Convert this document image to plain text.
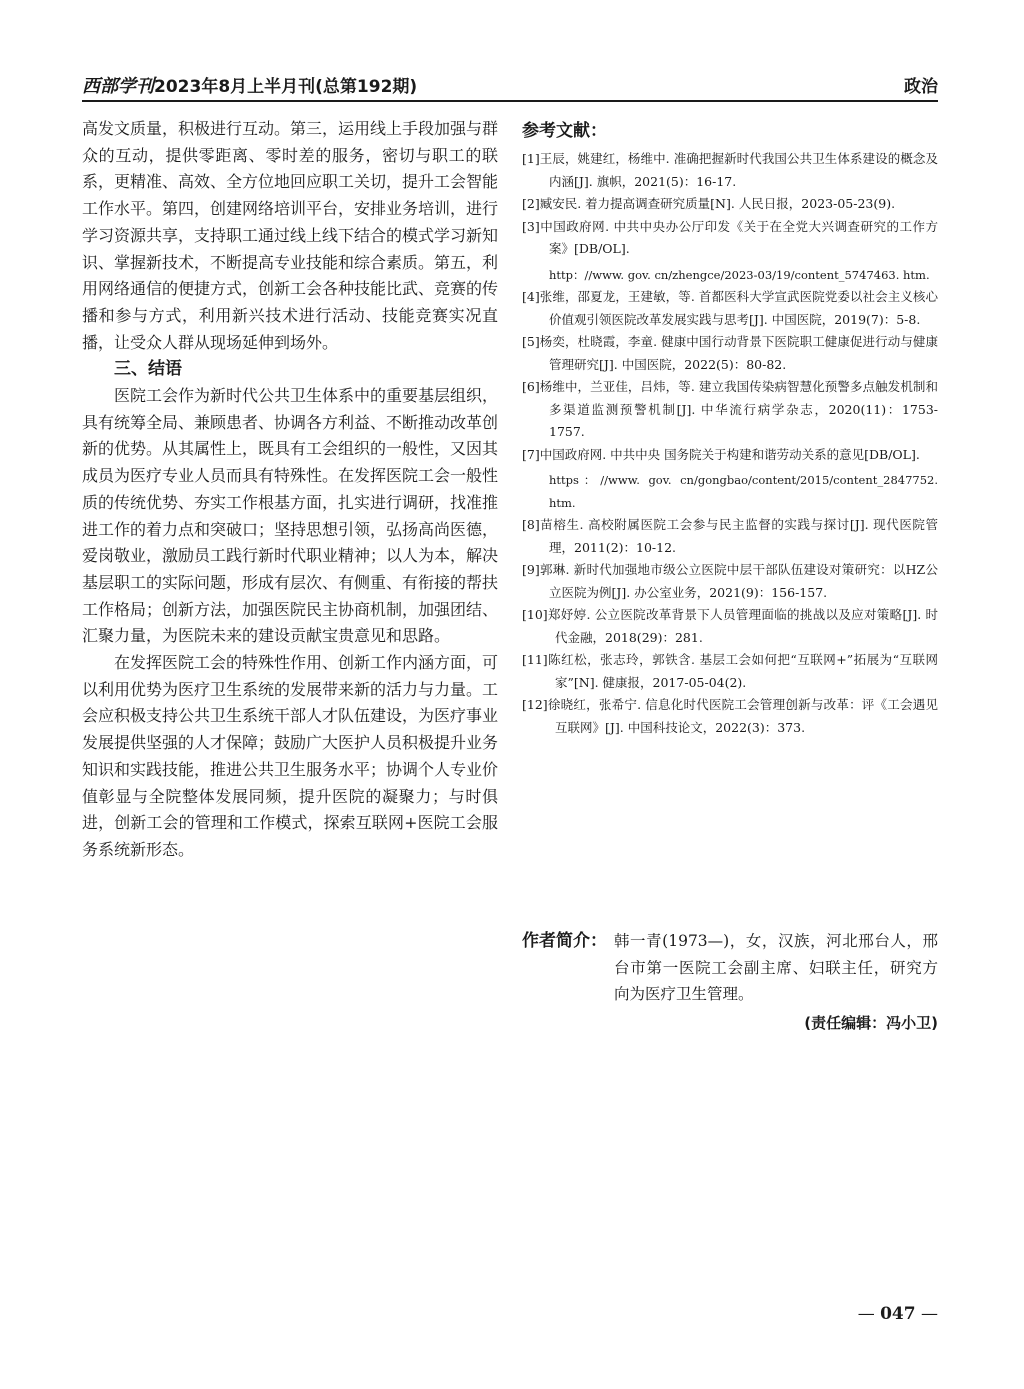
西部学刊2023年8月上半月刊(总第192期)	政治

高发文质量，积极进行互动。第三，运用线上手段加强与群众的互动，提供零距离、零时差的服务，密切与职工的联系，更精准、高效、全方位地回应职工关切，提升工会智能工作水平。第四，创建网络培训平台，安排业务培训，进行学习资源共享，支持职工通过线上线下结合的模式学习新知识、掌握新技术，不断提高专业技能和综合素质。第五，利用网络通信的便捷方式，创新工会各种技能比武、竞赛的传播和参与方式，利用新兴技术进行活动、技能竞赛实况直播，让受众人群从现场延伸到场外。

三、结语

医院工会作为新时代公共卫生体系中的重要基层组织，具有统筹全局、兼顾患者、协调各方利益、不断推动改革创新的优势。从其属性上，既具有工会组织的一般性，又因其成员为医疗专业人员而具有特殊性。在发挥医院工会一般性质的传统优势、夯实工作根基方面，扎实进行调研，找准推进工作的着力点和突破口；坚持思想引领，弘扬高尚医德，爱岗敬业，激励员工践行新时代职业精神；以人为本，解决基层职工的实际问题，形成有层次、有侧重、有衔接的帮扶工作格局；创新方法，加强医院民主协商机制，加强团结、汇聚力量，为医院未来的建设贡献宝贵意见和思路。

在发挥医院工会的特殊性作用、创新工作内涵方面，可以利用优势为医疗卫生系统的发展带来新的活力与力量。工会应积极支持公共卫生系统干部人才队伍建设，为医疗事业发展提供坚强的人才保障；鼓励广大医护人员积极提升业务知识和实践技能，推进公共卫生服务水平；协调个人专业价值彰显与全院整体发展同频，提升医院的凝聚力；与时俱进，创新工会的管理和工作模式，探索互联网+医院工会服务系统新形态。

参考文献：
[1]王辰，姚建红，杨维中. 准确把握新时代我国公共卫生体系建设的概念及内涵[J]. 旗帜，2021(5)：16-17.
[2]臧安民. 着力提高调查研究质量[N]. 人民日报，2023-05-23(9).
[3]中国政府网. 中共中央办公厅印发《关于在全党大兴调查研究的工作方案》[DB/OL].
http：//www. gov. cn/zhengce/2023-03/19/content_5747463. htm.
[4]张维，邵夏龙，王建敏，等. 首都医科大学宣武医院党委以社会主义核心价值观引领医院改革发展实践与思考[J]. 中国医院，2019(7)：5-8.
[5]杨奕，杜晓霞，李童. 健康中国行动背景下医院职工健康促进行动与健康管理研究[J]. 中国医院，2022(5)：80-82.
[6]杨维中，兰亚佳，吕炜，等. 建立我国传染病智慧化预警多点触发机制和多渠道监测预警机制[J]. 中华流行病学杂志，2020(11)：1753-1757.
[7]中国政府网. 中共中央 国务院关于构建和谐劳动关系的意见[DB/OL].
https：//www. gov. cn/gongbao/content/2015/content_2847752. htm.
[8]苗榕生. 高校附属医院工会参与民主监督的实践与探讨[J]. 现代医院管理，2011(2)：10-12.
[9]郭琳. 新时代加强地市级公立医院中层干部队伍建设对策研究：以HZ公立医院为例[J]. 办公室业务，2021(9)：156-157.
[10]郑妤婷. 公立医院改革背景下人员管理面临的挑战以及应对策略[J]. 时代金融，2018(29)：281.
[11]陈红松，张志玲，郭铁含. 基层工会如何把“互联网+”拓展为“互联网家”[N]. 健康报，2017-05-04(2).
[12]徐晓红，张希宁. 信息化时代医院工会管理创新与改革：评《工会遇见互联网》[J]. 中国科技论文，2022(3)：373.
作者简介： 韩一青(1973—)，女，汉族，河北邢台人，邢台市第一医院工会副主席、妇联主任，研究方向为医疗卫生管理。
(责任编辑：冯小卫)
— 047 —
